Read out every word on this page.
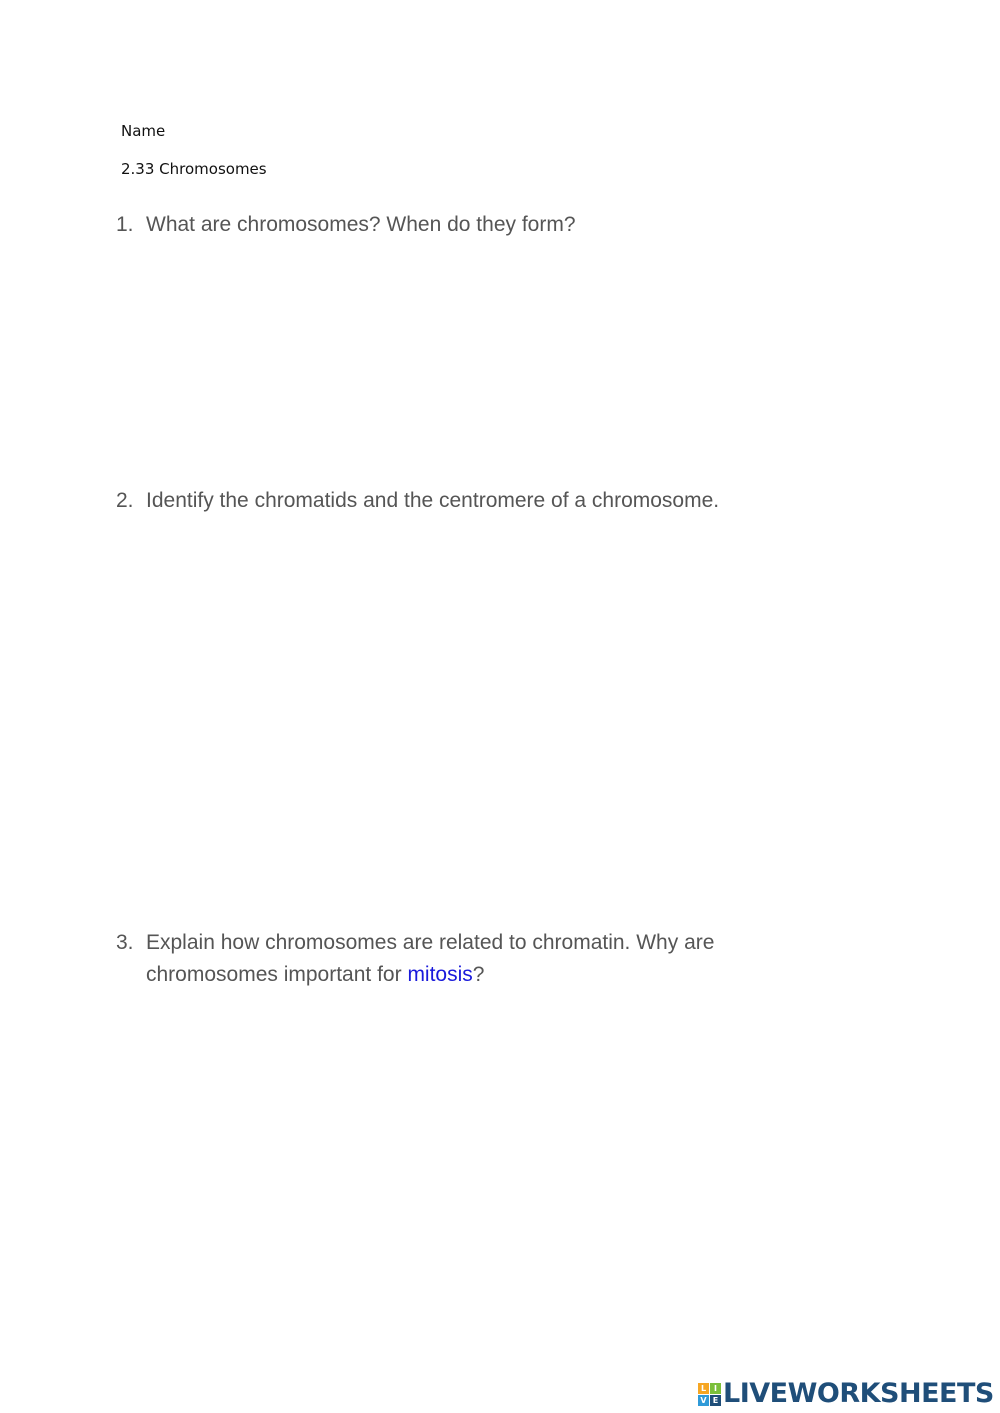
Name
2.33 Chromosomes
1. What are chromosomes? When do they form?
2. Identify the chromatids and the centromere of a chromosome.
3. Explain how chromosomes are related to chromatin. Why are
chromosomes important for mitosis?
L I
V E LIVEWORKSHEETS
